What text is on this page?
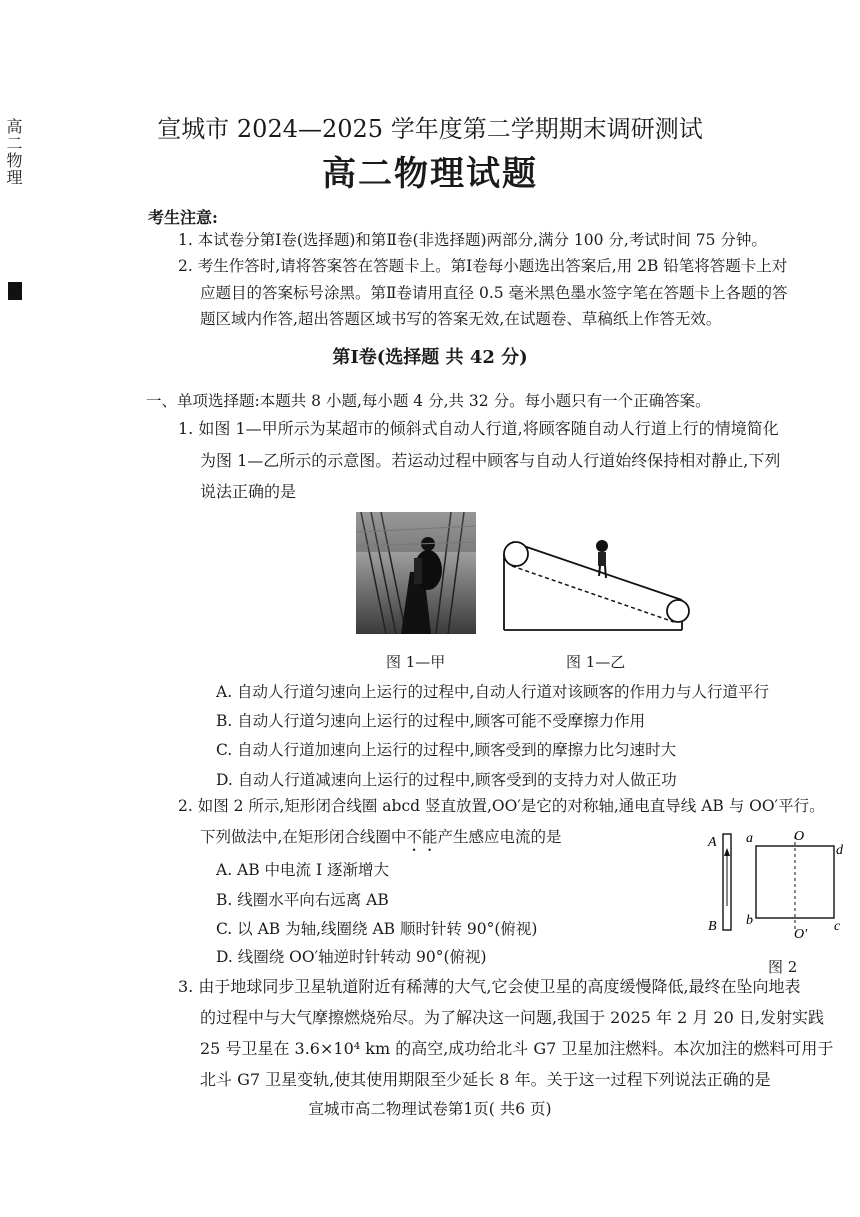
高二物理	宣城市 2024—2025 学年度第二学期期末调研测试
高二物理试题
考生注意:
1. 本试卷分第Ⅰ卷(选择题)和第Ⅱ卷(非选择题)两部分,满分 100 分,考试时间 75 分钟。
2. 考生作答时,请将答案答在答题卡上。第Ⅰ卷每小题选出答案后,用 2B 铅笔将答题卡上对
应题目的答案标号涂黑。第Ⅱ卷请用直径 0.5 毫米黑色墨水签字笔在答题卡上各题的答
题区域内作答,超出答题区域书写的答案无效,在试题卷、草稿纸上作答无效。
第Ⅰ卷(选择题 共 42 分)
一、单项选择题:本题共 8 小题,每小题 4 分,共 32 分。每小题只有一个正确答案。
1. 如图 1—甲所示为某超市的倾斜式自动人行道,将顾客随自动人行道上行的情境简化
为图 1—乙所示的示意图。若运动过程中顾客与自动人行道始终保持相对静止,下列
说法正确的是
图 1—甲	图 1—乙
A. 自动人行道匀速向上运行的过程中,自动人行道对该顾客的作用力与人行道平行
B. 自动人行道匀速向上运行的过程中,顾客可能不受摩擦力作用
C. 自动人行道加速向上运行的过程中,顾客受到的摩擦力比匀速时大
D. 自动人行道减速向上运行的过程中,顾客受到的支持力对人做正功
2. 如图 2 所示,矩形闭合线圈 abcd 竖直放置,OO′是它的对称轴,通电直导线 AB 与 OO′平行。
下列做法中,在矩形闭合线圈中不能产生感应电流的是
A. AB 中电流 I 逐渐增大
B. 线圈水平向右远离 AB
C. 以 AB 为轴,线圈绕 AB 顺时针转 90°(俯视)
D. 线圈绕 OO′轴逆时针转动 90°(俯视)
A
B
a
b	c
d
O
O′
图 2
3. 由于地球同步卫星轨道附近有稀薄的大气,它会使卫星的高度缓慢降低,最终在坠向地表
的过程中与大气摩擦燃烧殆尽。为了解决这一问题,我国于 2025 年 2 月 20 日,发射实践
25 号卫星在 3.6×10⁴ km 的高空,成功给北斗 G7 卫星加注燃料。本次加注的燃料可用于
北斗 G7 卫星变轨,使其使用期限至少延长 8 年。关于这一过程下列说法正确的是
宣城市高二物理试卷第1页( 共6 页)
